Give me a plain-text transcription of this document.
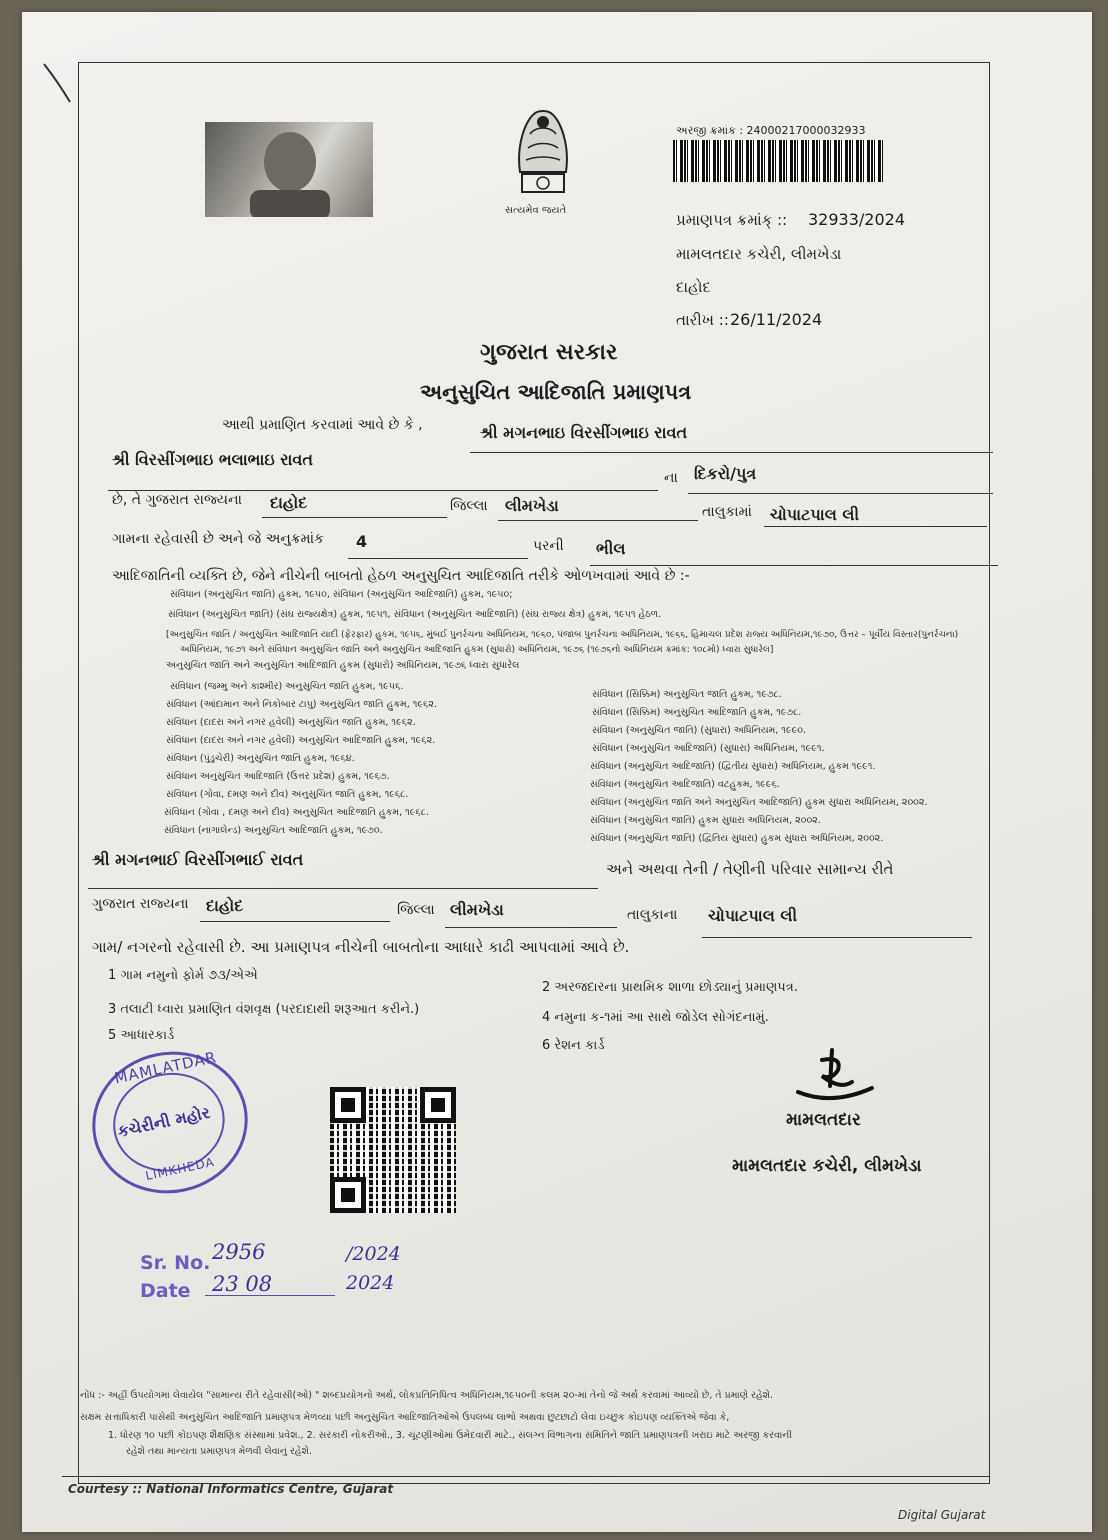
સત્યમેવ જયતે
અરજી ક્રમાંક : 24000217000032933
પ્રમાણપત્ર ક્રમાંક્ :: 32933/2024
મામલતદાર કચેરી, લીમખેડા
દાહોદ
તારીખ :: 26/11/2024
ગુજરાત સરકાર
અનુસુચિત આદિજાતિ પ્રમાણપત્ર
આથી પ્રમાણિત કરવામાં આવે છે કે ,	શ્રી મગનભાઇ વિરસીંગભાઇ રાવત
શ્રી વિરસીંગભાઇ ભલાભાઇ રાવત
ના દિકરો/પુત્ર
છે, તે ગુજરાત રાજ્યના દાહોદ	જિલ્લા લીમખેડા	તાલુકામાં ચોપાટપાલ લી
ગામના રહેવાસી છે અને જે અનુક્રમાંક 4	પરની ભીલ
આદિજાતિની વ્યક્તિ છે, જેને નીચેની બાબતો હેઠળ અનુસુચિત આદિજાતિ તરીકે ઓળખવામાં આવે છે :-
સંવિધાન (અનુસુચિત જાતિ) હુકમ, ૧૯૫૦, સંવિધાન (અનુસુચિત આદિજાતિ) હુકમ, ૧૯૫૦;
સંવિધાન (અનુસુચિત જાતિ) (સંઘ રાજ્યક્ષેત્ર) હુકમ, ૧૯૫૧, સંવિધાન (અનુસુચિત આદિજાતિ) (સંઘ રાજ્ય ક્ષેત્ર) હુકમ, ૧૯૫૧ હેઠળ.
[અનુસુચિત જાતિ / અનુસુચિત આદિજાતિ યાદી (ફેરફાર) હુકમ, ૧૯૫૬, મુંબઈ પુનર્રચના અધિનિયમ, ૧૯૬૦, પંજાબ પુનર્રચના અધિનિયમ, ૧૯૬૬, હિમાચલ પ્રદેશ રાજ્ય અધિનિયમ,૧૯૭૦, ઉત્તર – પૂર્વીય વિસ્તાર(પુનર્રચના)
અધિનિયમ, ૧૯૭૧ અને સંવિધાન અનુસુચિત જાતિ અને અનુસુચિત આદિજાતિ હુકમ (સુધારો) અધિનિયમ, ૧૯૭૬ (૧૯૭૬નો અધિનિયમ ક્રમાંક: ૧૦૮મો) ધ્વારા સુધારેલ]
અનુસુચિત જાતિ અને અનુસુચિત આદિજાતિ હુકમ (સુધારો) અધિનિયમ, ૧૯૭૬ ધ્વારા સુધારેલ
સંવિધાન (જમ્મુ અને કાશ્મીર) અનુસુચિત જાતિ હુકમ, ૧૯૫૬.
સંવિધાન (આંદામાન અને નિકોબાર ટાપુ) અનુસુચિત જાતિ હુકમ, ૧૯૬૨.
સંવિધાન (દાદરા અને નગર હવેલી) અનુસુચિત જાતિ હુકમ, ૧૯૬૨.
સંવિધાન (દાદરા અને નગર હવેલી) અનુસુચિત આદિજાતિ હુકમ, ૧૯૬૨.
સંવિધાન (પુંડુચેરી) અનુસુચિત જાતિ હુકમ, ૧૯૬૪.
સંવિધાન અનુસુચિત આદિજાતિ (ઉત્તર પ્રદેશ) હુકમ, ૧૯૬૭.
સંવિધાન (ગોવા, દમણ અને દીવ) અનુસુચિત જાતિ હુકમ, ૧૯૬૮.
સંવિધાન (ગોવા , દમણ અને દીવ) અનુસુચિત આદિજાતિ હુકમ, ૧૯૬૮.
સંવિધાન (નાગાલેન્ડ) અનુસુચિત આદિજાતિ હુકમ, ૧૯૭૦.
સંવિધાન (સિક્કિમ) અનુસુચિત જાતિ હુકમ, ૧૯૭૮.
સંવિધાન (સિક્કિમ) અનુસુચિત આદિજાતિ હુકમ, ૧૯૭૮.
સંવિધાન (અનુસુચિત જાતિ) (સુધારા) અધિનિયમ, ૧૯૯૦.
સંવિધાન (અનુસુચિત આદિજાતિ) (સુધારા) અધિનિયમ, ૧૯૯૧.
સંવિધાન (અનુસુચિત આદિજાતિ) (દ્વિતીય સુધારા) અધિનિયમ, હુકમ ૧૯૯૧.
સંવિધાન (અનુસુચિત આદિજાતિ) વટહુકમ, ૧૯૯૬.
સંવિધાન (અનુસુચિત જાતિ અને અનુસુચિત આદિજાતિ) હુકમ સુધારા અધિનિયમ, ૨૦૦૨.
સંવિધાન (અનુસુચિત જાતિ) હુકમ સુધારા અધિનિયમ, ૨૦૦૨.
સંવિધાન (અનુસુચિત જાતિ) (દ્વિતિય સુધારા) હુકમ સુધારા અધિનિયમ, ૨૦૦૨.
શ્રી મગનભાઈ વિરસીંગભાઈ રાવત	અને અથવા તેની / તેણીની પરિવાર સામાન્ય રીતે
ગુજરાત રાજ્યના દાહોદ	જિલ્લા લીમખેડા	તાલુકાના ચોપાટપાલ લી
ગામ/ નગરનો રહેવાસી છે. આ પ્રમાણપત્ર નીચેની બાબતોના આધારે કાઢી આપવામાં આવે છે.
1 ગામ નમુનો ફોર્મ ૭૩/એએ
2 અરજદારના પ્રાથમિક શાળા છોડ્યાનું પ્રમાણપત્ર.
3 તલાટી ધ્વારા પ્રમાણિત વંશવૃક્ષ (પરદાદાથી શરૂઆત કરીને.)
4 નમુના ક-૧માં આ સાથે જોડેલ સોગંદનામું.
5 આધારકાર્ડ
6 રેશન કાર્ડ
MAMLATDAR
કચેરીની મહોર
LIMKHEDA
મામલતદાર
મામલતદાર કચેરી, લીમખેડા
Sr. No. 2956	/2024
Date 23 08	2024
નોંધ :- અહીં ઉપયોગમાં લેવાયેલ "સામાન્ય રીતે રહેવાસી(ઓ) " શબ્દપ્રયોગનો અર્થ, લોકપ્રતિનિધિત્વ અધિનિયમ,૧૯૫૦ની કલમ ૨૦-માં તેનો જે અર્થ કરવામાં આવ્યો છે, તે પ્રમાણે રહેશે.
સક્ષમ સત્તાધિકારી પાસેથી અનુસુચિત આદિજાતિ પ્રમાણપત્ર મેળવ્યા પછી અનુસુચિત આદિજાતિઓએ ઉપલબ્ધ લાભો અથવા છુટછાટો લેવા ઇચ્છુક કોઇપણ વ્યક્તિએ જેવા કે,
1. ધોરણ ૧૦ પછી કોઇપણ શૈક્ષણિક સંસ્થામાં પ્રવેશ., 2. સરકારી નોકરીઓ., 3. ચૂંટણીઓમાં ઉમેદવારી માટે., સંલગ્ન વિભાગના સમિતિને જાતિ પ્રમાણપત્રની ખરાઇ માટે અરજી કરવાની
રહેશે તથા માન્યતા પ્રમાણપત્ર મેળવી લેવાનું રહેશે.
Courtesy :: National Informatics Centre, Gujarat
Digital Gujarat
